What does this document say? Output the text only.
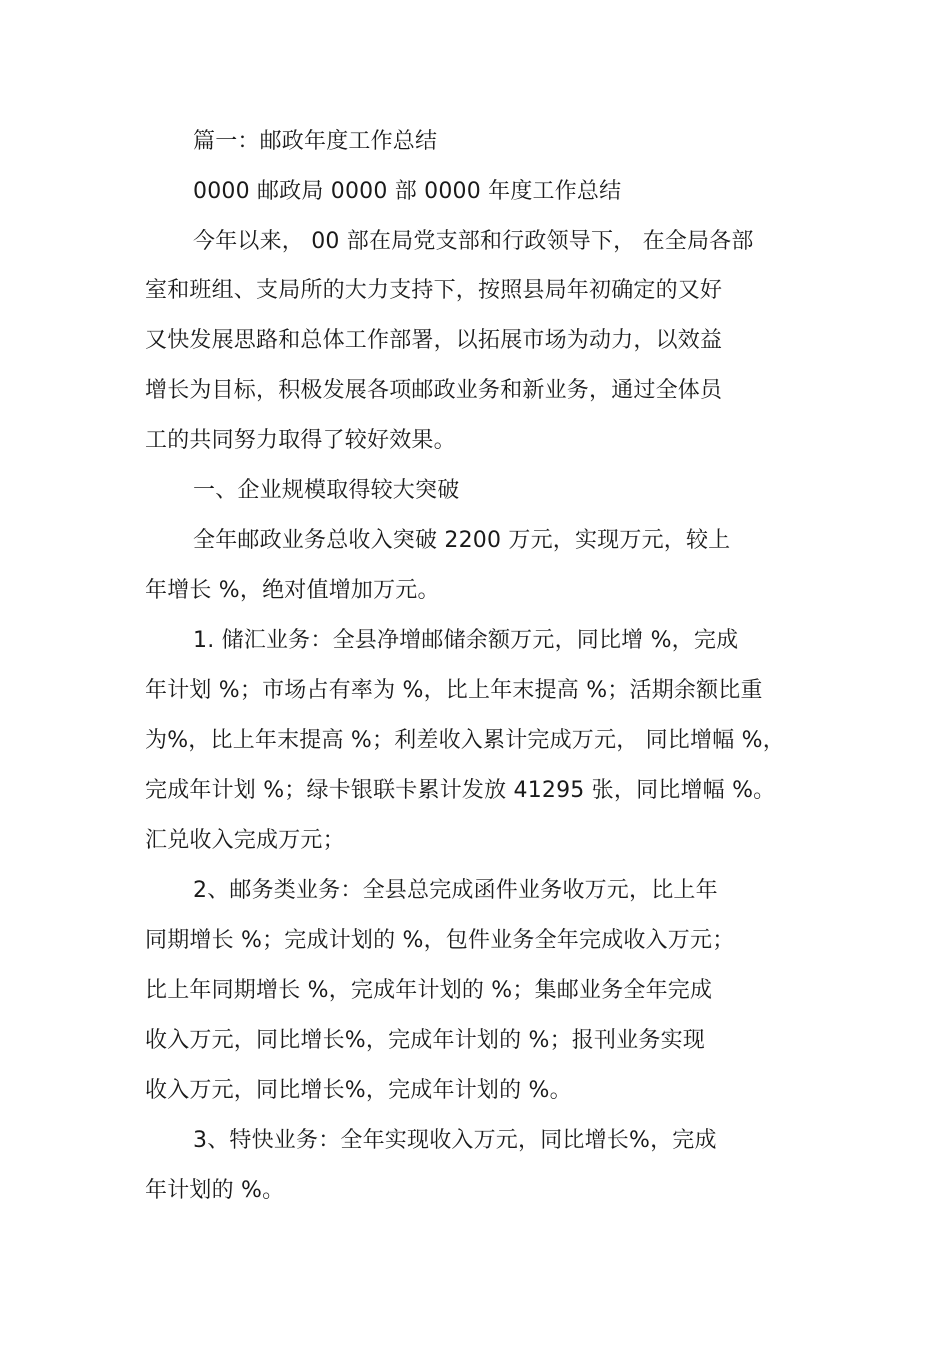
篇一：邮政年度工作总结
0000 邮政局 0000 部 0000 年度工作总结
今年以来， 00 部在局党支部和行政领导下， 在全局各部
室和班组、支局所的大力支持下，按照县局年初确定的又好
又快发展思路和总体工作部署，以拓展市场为动力，以效益
增长为目标，积极发展各项邮政业务和新业务，通过全体员
工的共同努力取得了较好效果。
一、企业规模取得较大突破
全年邮政业务总收入突破 2200 万元，实现万元，较上
年增长 %，绝对值增加万元。
1. 储汇业务：全县净增邮储余额万元，同比增 %，完成
年计划 %；市场占有率为 %，比上年末提高 %；活期余额比重
为%，比上年末提高 %；利差收入累计完成万元， 同比增幅 %，
完成年计划 %；绿卡银联卡累计发放 41295 张，同比增幅 %。
汇兑收入完成万元；
2、邮务类业务：全县总完成函件业务收万元，比上年
同期增长 %；完成计划的 %，包件业务全年完成收入万元；
比上年同期增长 %，完成年计划的 %；集邮业务全年完成
收入万元，同比增长%，完成年计划的 %；报刊业务实现
收入万元，同比增长%，完成年计划的 %。
3、特快业务：全年实现收入万元，同比增长%，完成
年计划的 %。
